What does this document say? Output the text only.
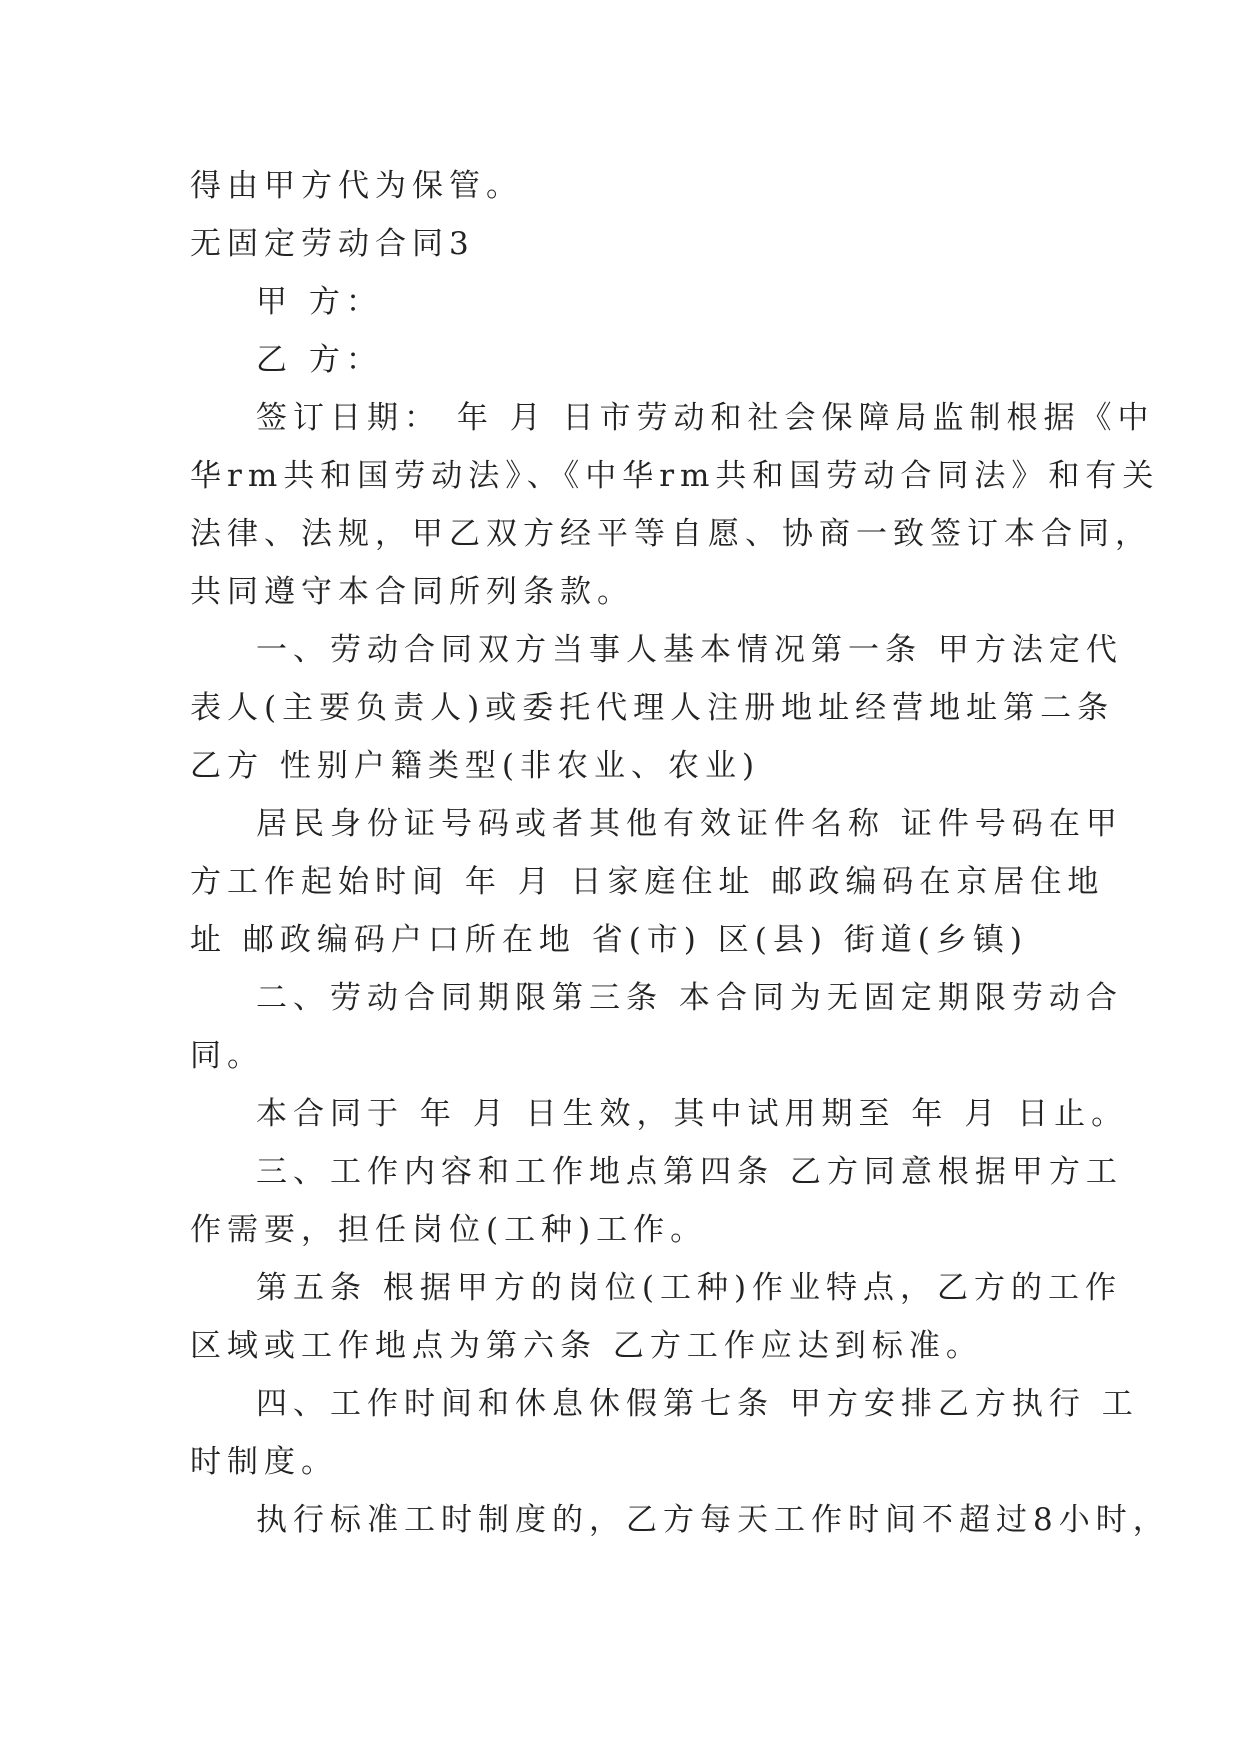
得由甲方代为保管。
无固定劳动合同3
甲 方：
乙 方：
签订日期： 年 月 日市劳动和社会保障局监制根据《中
华rm共和国劳动法》、《中华rm共和国劳动合同法》和有关
法律、法规，甲乙双方经平等自愿、协商一致签订本合同，
共同遵守本合同所列条款。
一、劳动合同双方当事人基本情况第一条 甲方法定代
表人(主要负责人)或委托代理人注册地址经营地址第二条
乙方 性别户籍类型(非农业、农业)
居民身份证号码或者其他有效证件名称 证件号码在甲
方工作起始时间 年 月 日家庭住址 邮政编码在京居住地
址 邮政编码户口所在地 省(市) 区(县) 街道(乡镇)
二、劳动合同期限第三条 本合同为无固定期限劳动合
同。
本合同于 年 月 日生效，其中试用期至 年 月 日止。
三、工作内容和工作地点第四条 乙方同意根据甲方工
作需要，担任岗位(工种)工作。
第五条 根据甲方的岗位(工种)作业特点，乙方的工作
区域或工作地点为第六条 乙方工作应达到标准。
四、工作时间和休息休假第七条 甲方安排乙方执行 工
时制度。
执行标准工时制度的，乙方每天工作时间不超过8小时，
